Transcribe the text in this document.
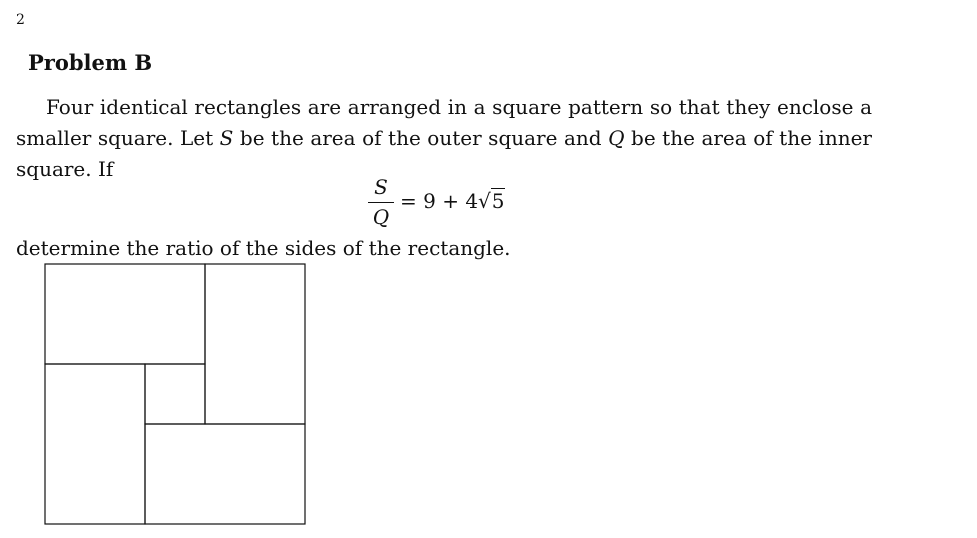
2
Problem B

Four identical rectangles are arranged in a square pattern so that they enclose a smaller square. Let S be the area of the outer square and Q be the area of the inner square. If

S
Q
= 9 + 4√5

determine the ratio of the sides of the rectangle.
